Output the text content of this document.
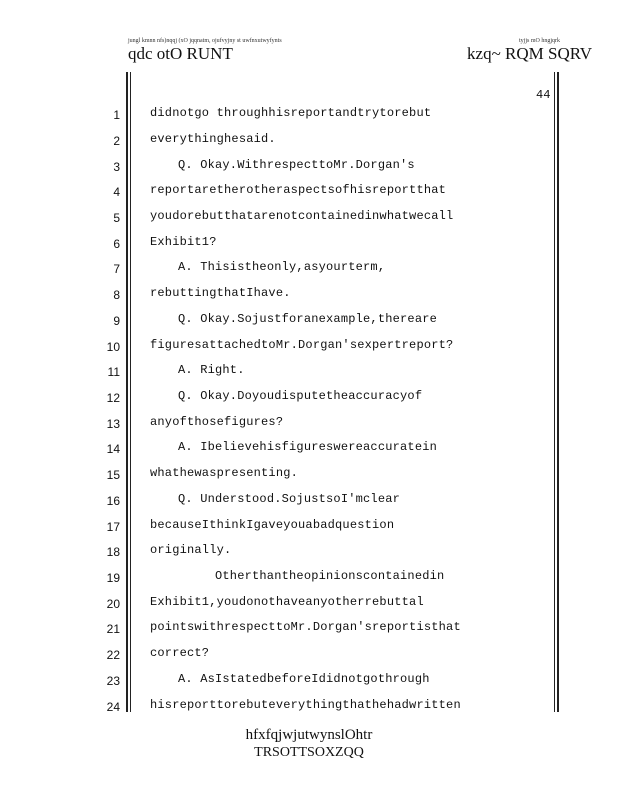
jungl kmnn nfs)nqqj (xO jqqnatm, ojufvyjny st uwfnxutwyfynts
qdc otO RUNT
tyjjs mO hngjqrk
kzq~ RQM SQRV
44
1	didnotgo throughhisreportandtrytorebut
2	everythinghesaid.
3	Q. Okay.WithrespecttoMr.Dorgan's
4	reportaretherotheraspectsofhisreportthat
5	youdorebutthatarenotcontainedinwhatwecall
6	Exhibit1?
7	A. Thisistheonly,asyourterm,
8	rebuttingthatIhave.
9	Q. Okay.Sojustforanexample,thereare
10	figuresattachedtoMr.Dorgan'sexpertreport?
11	A. Right.
12	Q. Okay.Doyoudisputetheaccuracyof
13	anyofthosefigures?
14	A. Ibelievehisfigureswereaccuratein
15	whathewaspresenting.
16	Q. Understood.SojustsoI'mclear
17	becauseIthinkIgaveyouabadquestion
18	originally.
19	Otherthantheopinionscontainedin
20	Exhibit1,youdonothaveanyotherrebuttal
21	pointswithrespecttoMr.Dorgan'sreportisthat
22	correct?
23	A. AsIstatedbeforeIdidnotgothrough
24	hisreporttorebuteverythingthathehadwritten
hfxfqjwjutwynslOhtr
TRSOTTSOXZQQ
